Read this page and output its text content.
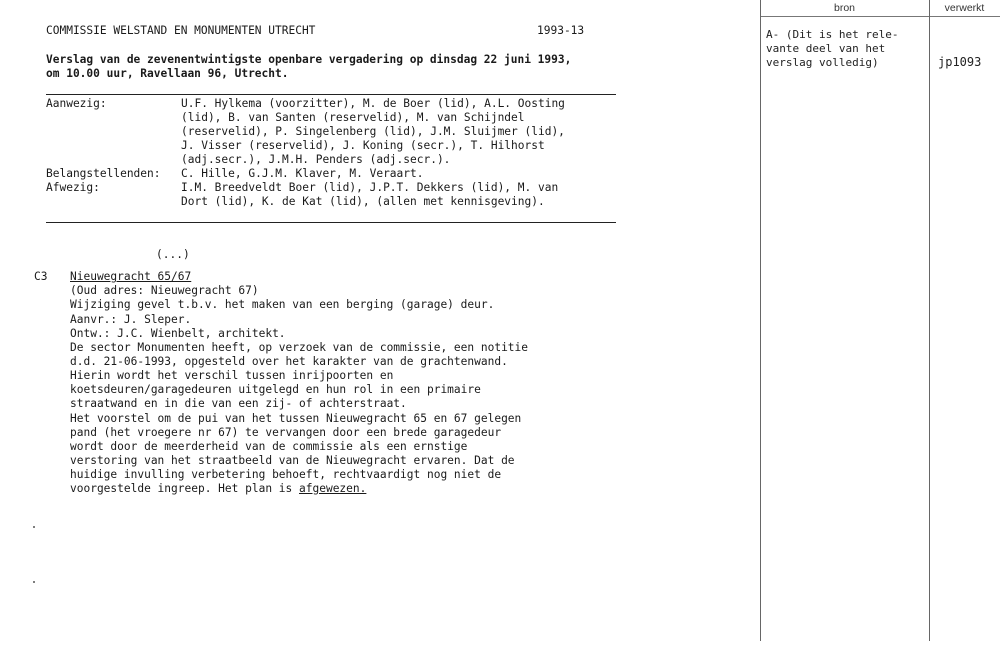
COMMISSIE WELSTAND EN MONUMENTEN UTRECHT	1993-13
Verslag van de zevenentwintigste openbare vergadering op dinsdag 22 juni 1993,
om 10.00 uur, Ravellaan 96, Utrecht.
Aanwezig:	U.F. Hylkema (voorzitter), M. de Boer (lid), A.L. Oosting
(lid), B. van Santen (reservelid), M. van Schijndel
(reservelid), P. Singelenberg (lid), J.M. Sluijmer (lid),
J. Visser (reservelid), J. Koning (secr.), T. Hilhorst
(adj.secr.), J.M.H. Penders (adj.secr.).
Belangstellenden: C. Hille, G.J.M. Klaver, M. Veraart.
Afwezig:	I.M. Breedveldt Boer (lid), J.P.T. Dekkers (lid), M. van
Dort (lid), K. de Kat (lid), (allen met kennisgeving).
(...)
C3 Nieuwegracht 65/67
(Oud adres: Nieuwegracht 67)
Wijziging gevel t.b.v. het maken van een berging (garage) deur.
Aanvr.: J. Sleper.
Ontw.: J.C. Wienbelt, architekt.
De sector Monumenten heeft, op verzoek van de commissie, een notitie
d.d. 21-06-1993, opgesteld over het karakter van de grachtenwand.
Hierin wordt het verschil tussen inrijpoorten en
koetsdeuren/garagedeuren uitgelegd en hun rol in een primaire
straatwand en in die van een zij- of achterstraat.
Het voorstel om de pui van het tussen Nieuwegracht 65 en 67 gelegen
pand (het vroegere nr 67) te vervangen door een brede garagedeur
wordt door de meerderheid van de commissie als een ernstige
verstoring van het straatbeeld van de Nieuwegracht ervaren. Dat de
huidige invulling verbetering behoeft, rechtvaardigt nog niet de
voorgestelde ingreep. Het plan is afgewezen.
bron	verwerkt
A- (Dit is het rele-
vante deel van het
verslag volledig)	jp1093
